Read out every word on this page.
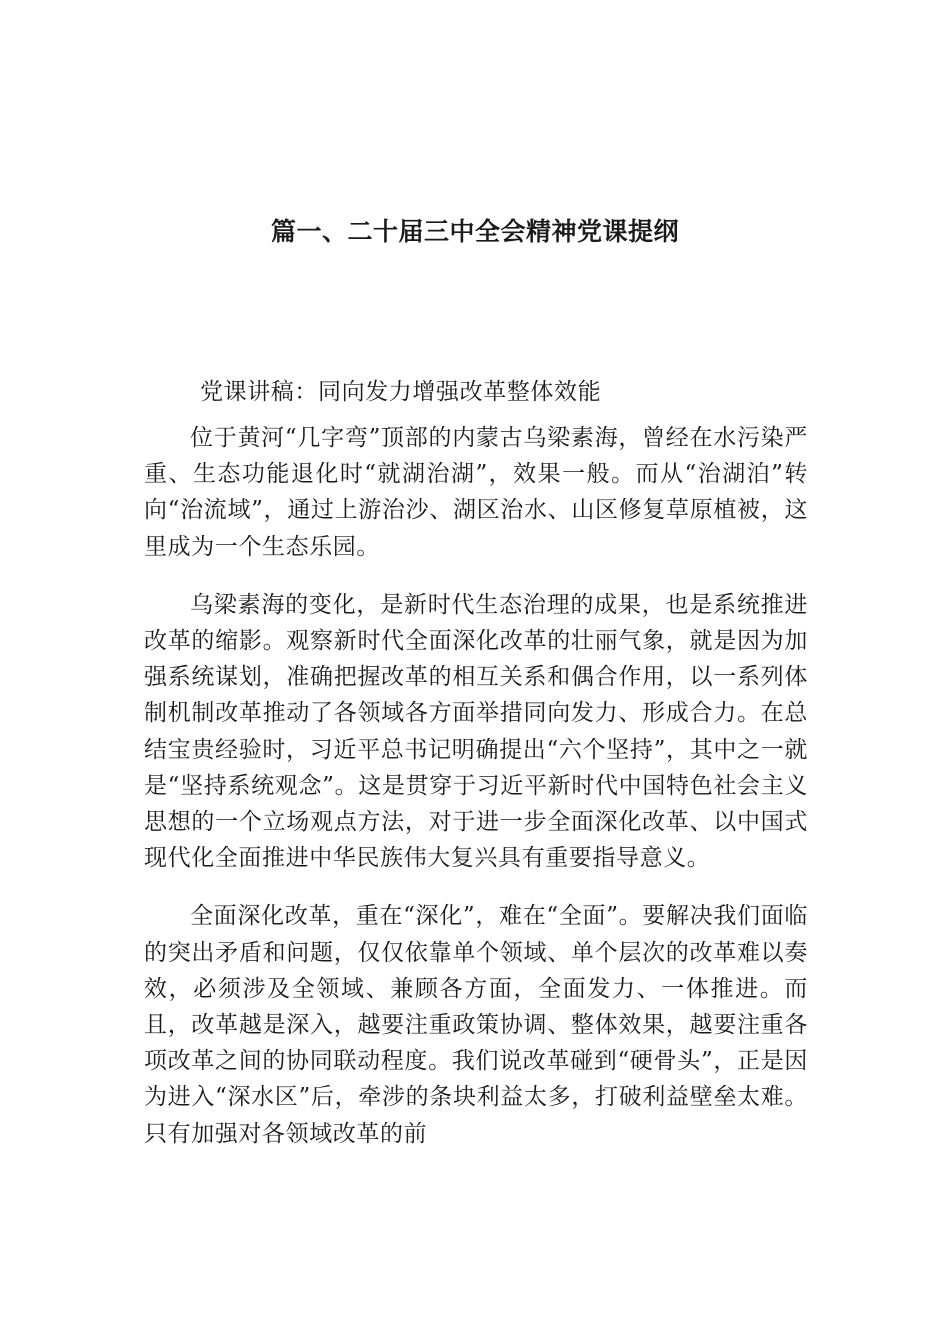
篇一、二十届三中全会精神党课提纲

党课讲稿：同向发力增强改革整体效能

位于黄河“几字弯”顶部的内蒙古乌梁素海，曾经在水污染严重、生态功能退化时“就湖治湖”，效果一般。而从“治湖泊”转向“治流域”，通过上游治沙、湖区治水、山区修复草原植被，这里成为一个生态乐园。

乌梁素海的变化，是新时代生态治理的成果，也是系统推进改革的缩影。观察新时代全面深化改革的壮丽气象，就是因为加强系统谋划，准确把握改革的相互关系和偶合作用，以一系列体制机制改革推动了各领域各方面举措同向发力、形成合力。在总结宝贵经验时，习近平总书记明确提出“六个坚持”，其中之一就是“坚持系统观念”。这是贯穿于习近平新时代中国特色社会主义思想的一个立场观点方法，对于进一步全面深化改革、以中国式现代化全面推进中华民族伟大复兴具有重要指导意义。

全面深化改革，重在“深化”，难在“全面”。要解决我们面临的突出矛盾和问题，仅仅依靠单个领域、单个层次的改革难以奏效，必须涉及全领域、兼顾各方面，全面发力、一体推进。而且，改革越是深入，越要注重政策协调、整体效果，越要注重各项改革之间的协同联动程度。我们说改革碰到“硬骨头”，正是因为进入“深水区”后，牵涉的条块利益太多，打破利益壁垒太难。只有加强对各领域改革的前
